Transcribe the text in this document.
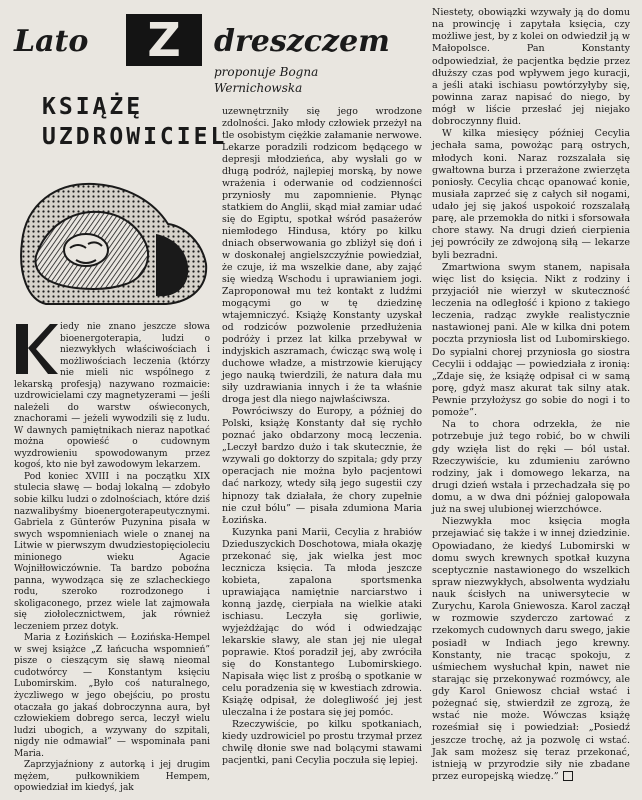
Lato	Z	dreszczem
proponuje Bogna Wernichowska
KSIĄŻĘ
UZDROWICIEL

iedy nie znano jeszcze słowa bioenergoterapia, ludzi o niezwykłych właściwościach i możliwościach leczenia (którzy nie mieli nic wspólnego z lekarską profesją) nazywano rozmaicie: uzdrowicielami czy magnetyzerami — jeśli należeli do warstw oświeconych, znachorami — jeżeli wywodzili się z ludu. W dawnych pamiętnikach nieraz napotkać można opowieść o cudownym wyzdrowieniu spowodowanym przez kogoś, kto nie był zawodowym lekarzem.

Pod koniec XVIII i na początku XIX stulecia sławę — bodaj lokalną — zdobyło sobie kilku ludzi o zdolnościach, które dziś nazwalibyśmy bioenergoterapeutycznymi. Gabriela z Günterów Puzynina pisała w swych wspomnieniach wiele o znanej na Litwie w pierwszym dwudziestopięcioleciu minionego wieku Agacie Wojniłłowiczównie. Ta bardzo poboźna panna, wywodząca się ze szlacheckiego rodu, szeroko rozrodzonego i skoligaconego, przez wiele lat zajmowała się ziołolecznictwem, jak również leczeniem przez dotyk.

Maria z Łozińskich — Łozińska-Hempel w swej książce „Z łańcucha wspomnień” pisze o cieszącym się sławą nieomal cudotwórcy — Konstantym księciu Lubomirskim. „Było coś naturalnego, życzliwego w jego obejściu, po prostu otaczała go jakaś dobroczynna aura, był człowiekiem dobrego serca, leczył wielu ludzi ubogich, a wzywany do szpitali, nigdy nie odmawiał” — wspominała pani Maria.

Zaprzyjaźniony z autorką i jej drugim mężem, pułkownikiem Hempem, opowiedział im kiedyś, jak

uzewnętrzniły się jego wrodzone zdolności. Jako młody człowiek przeżył na tle osobistym ciężkie załamanie nerwowe. Lekarze poradzili rodzicom będącego w depresji młodzieńca, aby wysłali go w długą podróż, najlepiej morską, by nowe wrażenia i oderwanie od codzienności przyniosły mu zapomnienie. Płynąc statkiem do Anglii, skąd miał zamiar udać się do Egiptu, spotkał wśród pasażerów niemłodego Hindusa, który po kilku dniach obserwowania go zbliżył się doń i w doskonałej angielszczyźnie powiedział, że czuje, iż ma wszelkie dane, aby zająć się wiedzą Wschodu i uprawianiem jogi. Zaproponował mu też kontakt z ludźmi mogącymi go w tę dziedzinę wtajemniczyć. Książę Konstanty uzyskał od rodziców pozwolenie przedłużenia podróży i przez lat kilka przebywał w indyjskich aszramach, ćwicząc swą wolę i duchowe władze, a mistrzowie kierujący jego nauką twierdzili, że natura dała mu siły uzdrawiania innych i że ta właśnie droga jest dla niego najwłaściwsza.

Powróciwszy do Europy, a później do Polski, książę Konstanty dał się rychło poznać jako obdarzony mocą leczenia. „Leczył bardzo dużo i tak skutecznie, że wzywali go doktorzy do szpitala; gdy przy operacjach nie można było pacjentowi dać narkozy, wtedy siłą jego sugestii czy hipnozy tak działała, że chory zupełnie nie czuł bólu” — pisała zdumiona Maria Łozińska.

Kuzynka pani Marii, Cecylia z hrabiów Dzieduszyckich Doschotowa, miała okazję przekonać się, jak wielka jest moc lecznicza księcia. Ta młoda jeszcze kobieta, zapalona sportsmenka uprawiająca namiętnie narciarstwo i konną jazdę, cierpiała na wielkie ataki ischiasu. Leczyła się gorliwie, wyjeżdżając do wód i odwiedzając lekarskie sławy, ale stan jej nie ulegał poprawie. Ktoś poradził jej, aby zwróciła się do Konstantego Lubomirskiego. Napisała więc list z prośbą o spotkanie w celu poradzenia się w kwestiach zdrowia. Książę odpisał, że dolegliwość jej jest uleczalna i że postara się jej pomóc.

Rzeczywiście, po kilku spotkaniach, kiedy uzdrowiciel po prostu trzymał przez chwilę dłonie swe nad bolącymi stawami pacjentki, pani Cecylia poczuła się lepiej.

Niestety, obowiązki wzywały ją do domu na prowincję i zapytała księcia, czy możliwe jest, by z kolei on odwiedził ją w Małopolsce. Pan Konstanty odpowiedział, że pacjentka będzie przez dłuższy czas pod wpływem jego kuracji, a jeśli ataki ischiasu powtórzyłyby się, powinna zaraz napisać do niego, by mógł w liście przesłać jej niejako dobroczynny fluid.

W kilka miesięcy później Cecylia jechała sama, powożąc parą ostrych, młodych koni. Naraz rozszalała się gwałtowna burza i przerażone zwierzęta poniosły. Cecylia chcąc opanować konie, musiała zaprzeć się z całych sił nogami, udało jej się jakoś uspokoić rozszalałą parę, ale przemokła do nitki i sforsowała chore stawy. Na drugi dzień cierpienia jej powróciły ze zdwojoną siłą — lekarze byli bezradni.

Zmartwiona swym stanem, napisała więc list do księcia. Nikt z rodziny i przyjaciół nie wierzył w skuteczność leczenia na odległość i kpiono z takiego leczenia, radząc zwykłe realistycznie nastawionej pani. Ale w kilka dni potem poczta przyniosła list od Lubomirskiego. Do sypialni chorej przyniosła go siostra Cecylii i oddając — powiedziała z ironią: „Zdaje się, że książę odpisał ci w samą porę, gdyż masz akurat tak silny atak. Pewnie przyłożysz go sobie do nogi i to pomoże”.

Na to chora odrzekła, że nie potrzebuje już tego robić, bo w chwili gdy wzięła list do ręki — ból ustał. Rzeczywiście, ku zdumieniu zarówno rodziny, jak i domowego lekarza, na drugi dzień wstała i przechadzała się po domu, a w dwa dni później galopowała już na swej ulubionej wierzchówce.

Niezwykła moc księcia mogła przejawiać się także i w innej dziedzinie. Opowiadano, że kiedyś Lubomirski w domu swych krewnych spotkał kuzyna sceptycznie nastawionego do wszelkich spraw niezwykłych, absolwenta wydziału nauk ścisłych na uniwersytecie w Zurychu, Karola Gniewosza. Karol zaczął w rozmowie szyderczo zartować z rzekomych cudownych daru swego, jakie posiadł w Indiach jego krewny. Konstanty, nie tracąc spokoju, z uśmiechem wysłuchał kpin, nawet nie starając się przekonywać rozmówcy, ale gdy Karol Gniewosz chciał wstać i pożegnać się, stwierdził ze zgrozą, że wstać nie może. Wówczas książę roześmiał się i powiedział: „Posiedź jeszcze trochę, aż ja pozwolę ci wstać. Jak sam możesz się teraz przekonać, istnieją w przyrodzie siły nie zbadane przez europejską wiedzę.”
